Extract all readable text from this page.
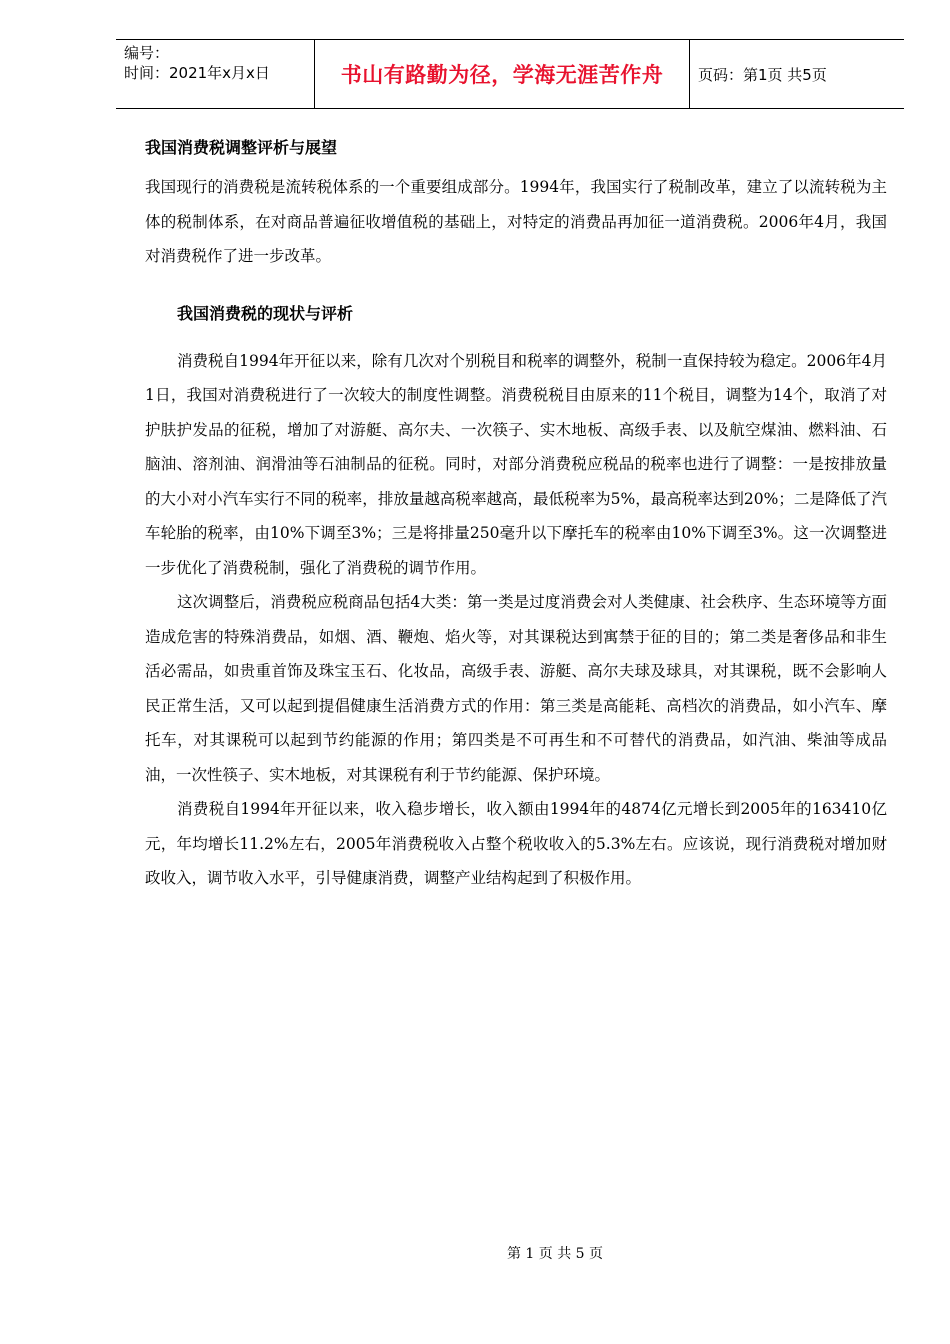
编号：
时间：2021年x月x日	书山有路勤为径，学海无涯苦作舟	页码：第1页 共5页

我国消费税调整评析与展望

我国现行的消费税是流转税体系的一个重要组成部分。1994年，我国实行了税制改革，建立了以流转税为主体的税制体系，在对商品普遍征收增值税的基础上，对特定的消费品再加征一道消费税。2006年4月，我国对消费税作了进一步改革。

我国消费税的现状与评析

消费税自1994年开征以来，除有几次对个别税目和税率的调整外，税制一直保持较为稳定。2006年4月1日，我国对消费税进行了一次较大的制度性调整。消费税税目由原来的11个税目，调整为14个，取消了对护肤护发品的征税，增加了对游艇、高尔夫、一次筷子、实木地板、高级手表、以及航空煤油、燃料油、石脑油、溶剂油、润滑油等石油制品的征税。同时，对部分消费税应税品的税率也进行了调整：一是按排放量的大小对小汽车实行不同的税率，排放量越高税率越高，最低税率为5%，最高税率达到20%；二是降低了汽车轮胎的税率，由10%下调至3%；三是将排量250毫升以下摩托车的税率由10%下调至3%。这一次调整进一步优化了消费税制，强化了消费税的调节作用。

这次调整后，消费税应税商品包括4大类：第一类是过度消费会对人类健康、社会秩序、生态环境等方面造成危害的特殊消费品，如烟、酒、鞭炮、焰火等，对其课税达到寓禁于征的目的；第二类是奢侈品和非生活必需品，如贵重首饰及珠宝玉石、化妆品，高级手表、游艇、高尔夫球及球具，对其课税，既不会影响人民正常生活，又可以起到提倡健康生活消费方式的作用：第三类是高能耗、高档次的消费品，如小汽车、摩托车，对其课税可以起到节约能源的作用；第四类是不可再生和不可替代的消费品，如汽油、柴油等成品油，一次性筷子、实木地板，对其课税有利于节约能源、保护环境。

消费税自1994年开征以来，收入稳步增长，收入额由1994年的4874亿元增长到2005年的163410亿元，年均增长11.2%左右，2005年消费税收入占整个税收收入的5.3%左右。应该说，现行消费税对增加财政收入，调节收入水平，引导健康消费，调整产业结构起到了积极作用。

第 1 页 共 5 页
